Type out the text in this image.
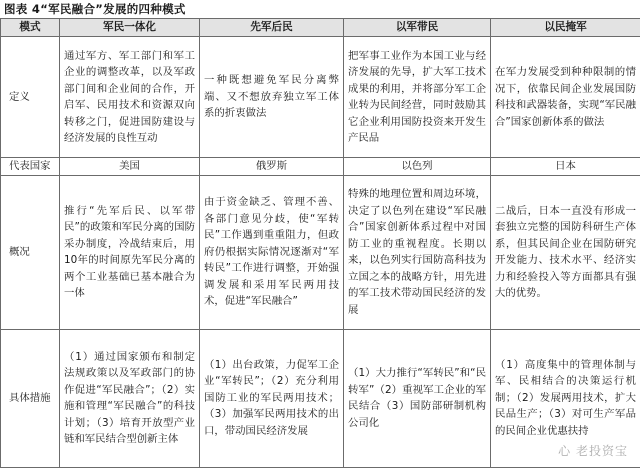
图表 4“军民融合”发展的四种模式
模式	军民一体化	先军后民	以军带民	以民掩军
定义	通过军方、军工部门和军工企业的调整改革，以及军政部门间和企业间的合作，开启军、民用技术和资源双向转移之门，促进国防建设与经济发展的良性互动	一种既想避免军民分离弊端、又不想放弃独立军工体系的折衷做法	把军事工业作为本国工业与经济发展的先导，扩大军工技术成果的利用，并将部分军工企业转为民间经营，同时鼓励其它企业利用国防投资来开发生产民品	在军力发展受到种种限制的情况下，依靠民间企业发展国防科技和武器装备，实现“军民融合”国家创新体系的做法
代表国家	美国	俄罗斯	以色列	日本
概况	推行“先军后民、以军带民”的政策和军民分离的国防采办制度，冷战结束后，用10年的时间原先军民分离的两个工业基础已基本融合为一体	由于资金缺乏、管理不善、各部门意见分歧，使“军转民”工作遇到重重阻力，但政府仍根据实际情况逐渐对“军转民”工作进行调整，开始强调发展和采用军民两用技术，促进“军民融合”	特殊的地理位置和周边环境，决定了以色列在建设“军民融合”国家创新体系过程中对国防工业的重视程度。长期以来，以色列实行国防高科技为立国之本的战略方针，用先进的军工技术带动国民经济的发展	二战后，日本一直没有形成一套独立完整的国防科研生产体系，但其民间企业在国防研究开发能力、技术水平、经济实力和经验投入等方面都具有强大的优势。
具体措施	（1）通过国家颁布和制定法规政策以及军政部门的协作促进“军民融合”；（2）实施和管理“军民融合”的科技计划；（3）培育开放型产业链和军民结合型创新主体	（1）出台政策，力促军工企业“军转民”；（2）充分利用国防工业的军民两用技术；（3）加强军民两用技术的出口，带动国民经济发展	（1）大力推行“军转民”和“民转军”（2）重视军工企业的军民结合（3）国防部研制机构公司化	（1）高度集中的管理体制与军、民相结合的决策运行机制；（2）发展两用技术，扩大民品生产；（3）对可生产军品的民间企业优惠扶持
心 老投资宝
